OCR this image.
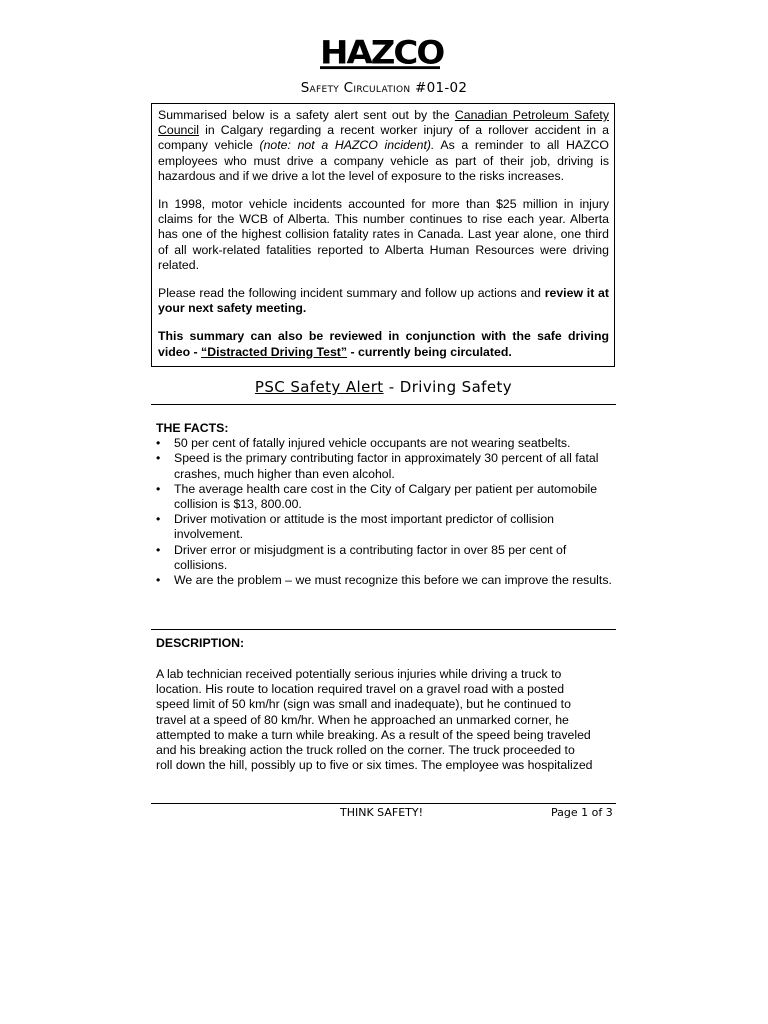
HAZCO
Safety Circulation #01-02

Summarised below is a safety alert sent out by the Canadian Petroleum Safety Council in Calgary regarding a recent worker injury of a rollover accident in a company vehicle (note: not a HAZCO incident). As a reminder to all HAZCO employees who must drive a company vehicle as part of their job, driving is hazardous and if we drive a lot the level of exposure to the risks increases.

In 1998, motor vehicle incidents accounted for more than $25 million in injury claims for the WCB of Alberta. This number continues to rise each year. Alberta has one of the highest collision fatality rates in Canada. Last year alone, one third of all work-related fatalities reported to Alberta Human Resources were driving related.

Please read the following incident summary and follow up actions and review it at your next safety meeting.

This summary can also be reviewed in conjunction with the safe driving video - “Distracted Driving Test” - currently being circulated.

PSC Safety Alert - Driving Safety
THE FACTS:
• 50 per cent of fatally injured vehicle occupants are not wearing seatbelts.
• Speed is the primary contributing factor in approximately 30 percent of all fatal crashes, much higher than even alcohol.
• The average health care cost in the City of Calgary per patient per automobile collision is $13, 800.00.
• Driver motivation or attitude is the most important predictor of collision involvement.
• Driver error or misjudgment is a contributing factor in over 85 per cent of collisions.
• We are the problem – we must recognize this before we can improve the results.
DESCRIPTION:
A lab technician received potentially serious injuries while driving a truck to
location. His route to location required travel on a gravel road with a posted
speed limit of 50 km/hr (sign was small and inadequate), but he continued to
travel at a speed of 80 km/hr. When he approached an unmarked corner, he
attempted to make a turn while breaking. As a result of the speed being traveled
and his breaking action the truck rolled on the corner. The truck proceeded to
roll down the hill, possibly up to five or six times. The employee was hospitalized
THINK SAFETY!	Page 1 of 3
